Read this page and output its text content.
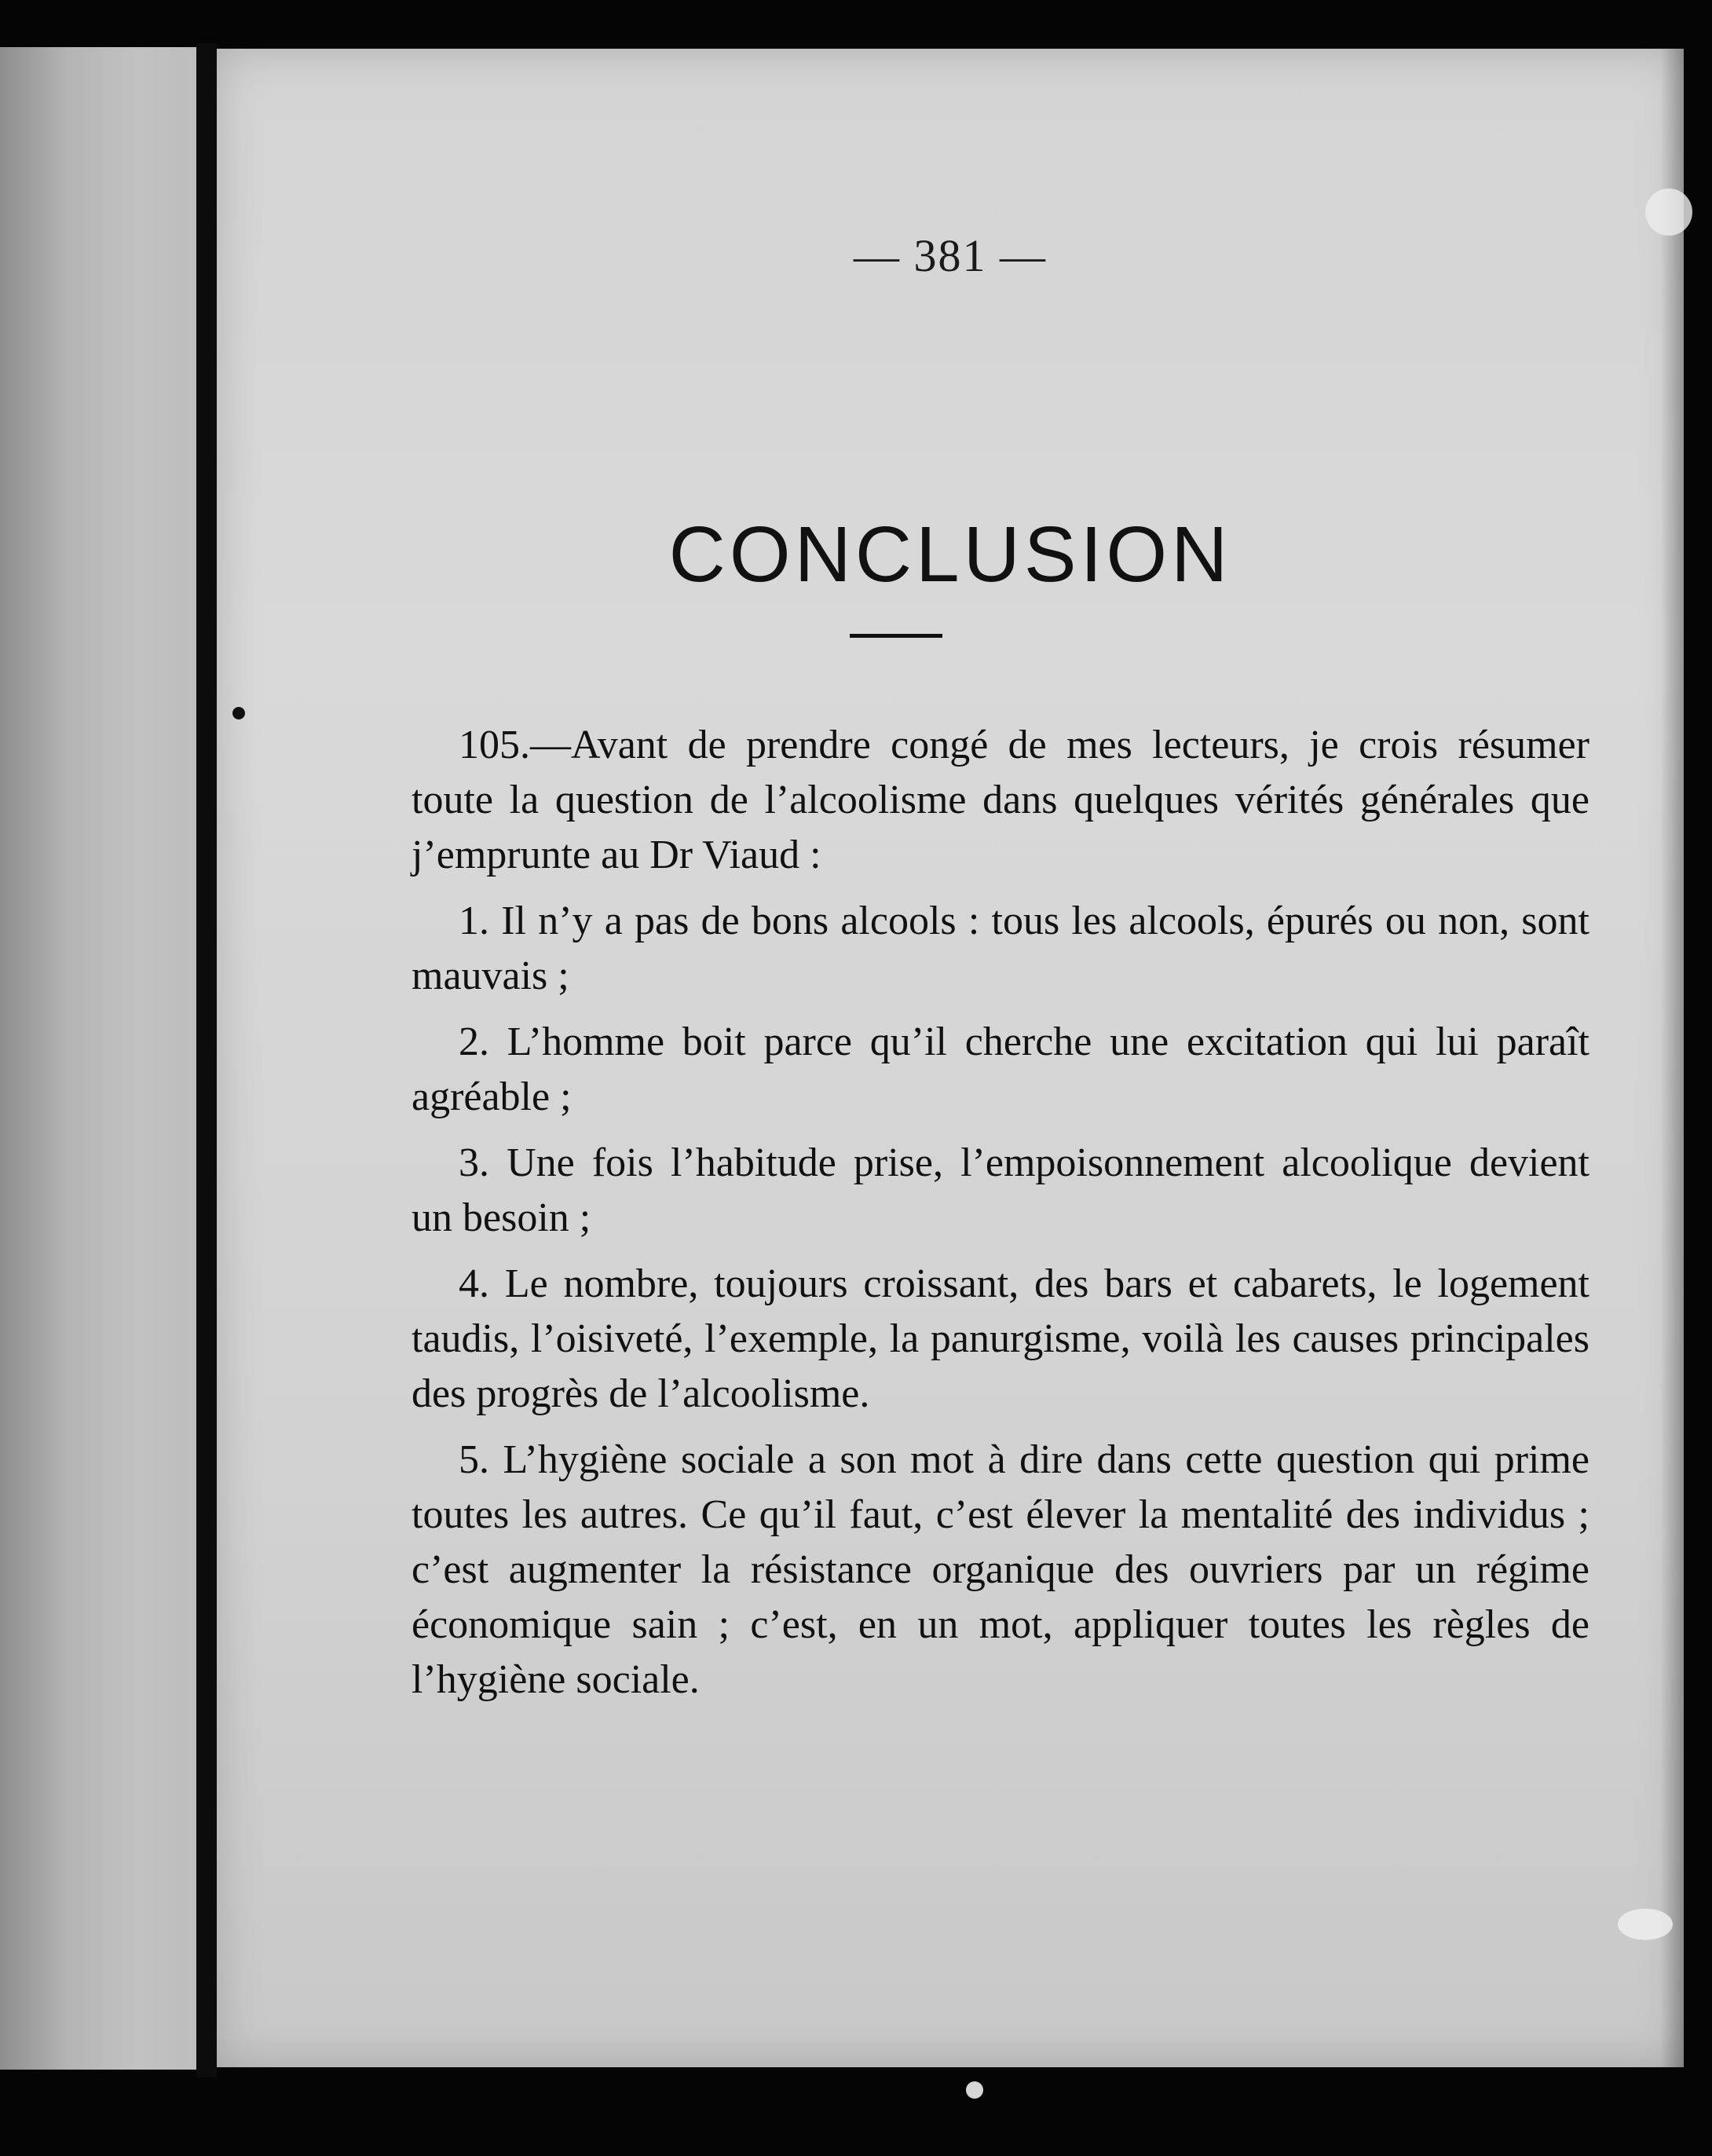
— 381 —
CONCLUSION

105.—Avant de prendre congé de mes lecteurs, je crois résumer toute la question de l’alcoolisme dans quelques vérités générales que j’emprunte au Dr Viaud :

1. Il n’y a pas de bons alcools : tous les alcools, épurés ou non, sont mauvais ;

2. L’homme boit parce qu’il cherche une excitation qui lui paraît agréable ;

3. Une fois l’habitude prise, l’empoisonnement alcoolique devient un besoin ;

4. Le nombre, toujours croissant, des bars et cabarets, le logement taudis, l’oisiveté, l’exemple, la panurgisme, voilà les causes principales des progrès de l’alcoolisme.

5. L’hygiène sociale a son mot à dire dans cette question qui prime toutes les autres. Ce qu’il faut, c’est élever la mentalité des individus ; c’est augmenter la résistance organique des ouvriers par un régime économique sain ; c’est, en un mot, appliquer toutes les règles de l’hygiène sociale.
